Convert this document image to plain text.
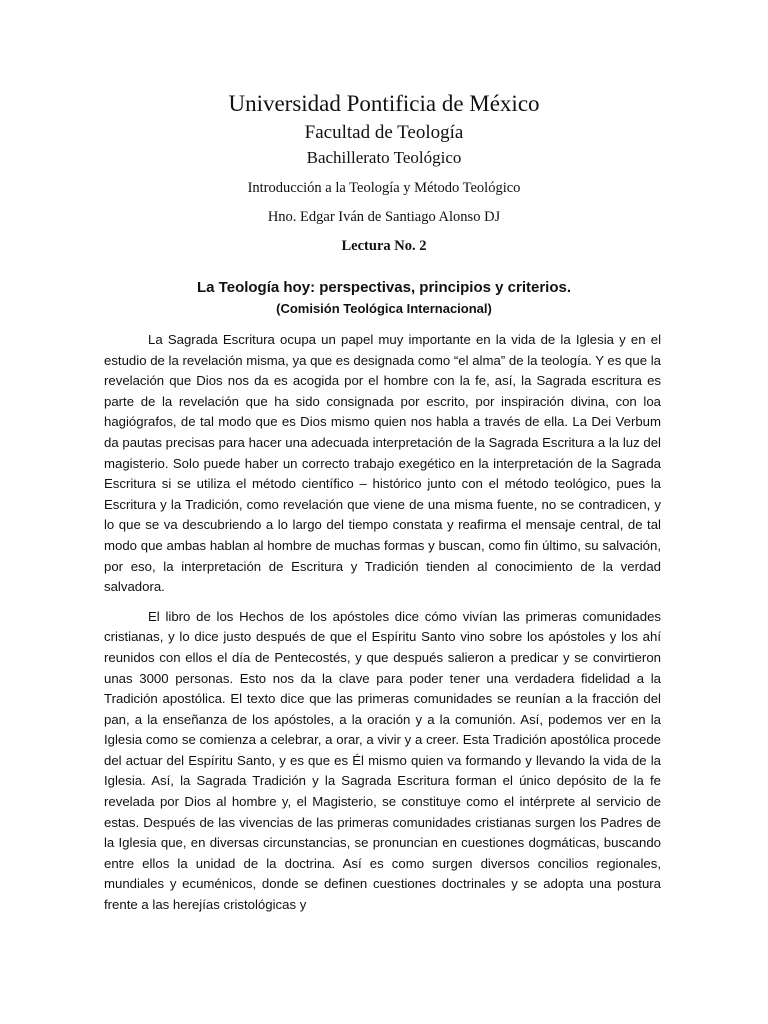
Universidad Pontificia de México
Facultad de Teología
Bachillerato Teológico
Introducción a la Teología y Método Teológico
Hno. Edgar Iván de Santiago Alonso DJ
Lectura No. 2
La Teología hoy: perspectivas, principios y criterios.
(Comisión Teológica Internacional)

La Sagrada Escritura ocupa un papel muy importante en la vida de la Iglesia y en el estudio de la revelación misma, ya que es designada como “el alma” de la teología. Y es que la revelación que Dios nos da es acogida por el hombre con la fe, así, la Sagrada escritura es parte de la revelación que ha sido consignada por escrito, por inspiración divina, con loa hagiógrafos, de tal modo que es Dios mismo quien nos habla a través de ella. La Dei Verbum da pautas precisas para hacer una adecuada interpretación de la Sagrada Escritura a la luz del magisterio. Solo puede haber un correcto trabajo exegético en la interpretación de la Sagrada Escritura si se utiliza el método científico – histórico junto con el método teológico, pues la Escritura y la Tradición, como revelación que viene de una misma fuente, no se contradicen, y lo que se va descubriendo a lo largo del tiempo constata y reafirma el mensaje central, de tal modo que ambas hablan al hombre de muchas formas y buscan, como fin último, su salvación, por eso, la interpretación de Escritura y Tradición tienden al conocimiento de la verdad salvadora.

El libro de los Hechos de los apóstoles dice cómo vivían las primeras comunidades cristianas, y lo dice justo después de que el Espíritu Santo vino sobre los apóstoles y los ahí reunidos con ellos el día de Pentecostés, y que después salieron a predicar y se convirtieron unas 3000 personas. Esto nos da la clave para poder tener una verdadera fidelidad a la Tradición apostólica. El texto dice que las primeras comunidades se reunían a la fracción del pan, a la enseñanza de los apóstoles, a la oración y a la comunión. Así, podemos ver en la Iglesia como se comienza a celebrar, a orar, a vivir y a creer. Esta Tradición apostólica procede del actuar del Espíritu Santo, y es que es Él mismo quien va formando y llevando la vida de la Iglesia. Así, la Sagrada Tradición y la Sagrada Escritura forman el único depósito de la fe revelada por Dios al hombre y, el Magisterio, se constituye como el intérprete al servicio de estas. Después de las vivencias de las primeras comunidades cristianas surgen los Padres de la Iglesia que, en diversas circunstancias, se pronuncian en cuestiones dogmáticas, buscando entre ellos la unidad de la doctrina. Así es como surgen diversos concilios regionales, mundiales y ecuménicos, donde se definen cuestiones doctrinales y se adopta una postura frente a las herejías cristológicas y
